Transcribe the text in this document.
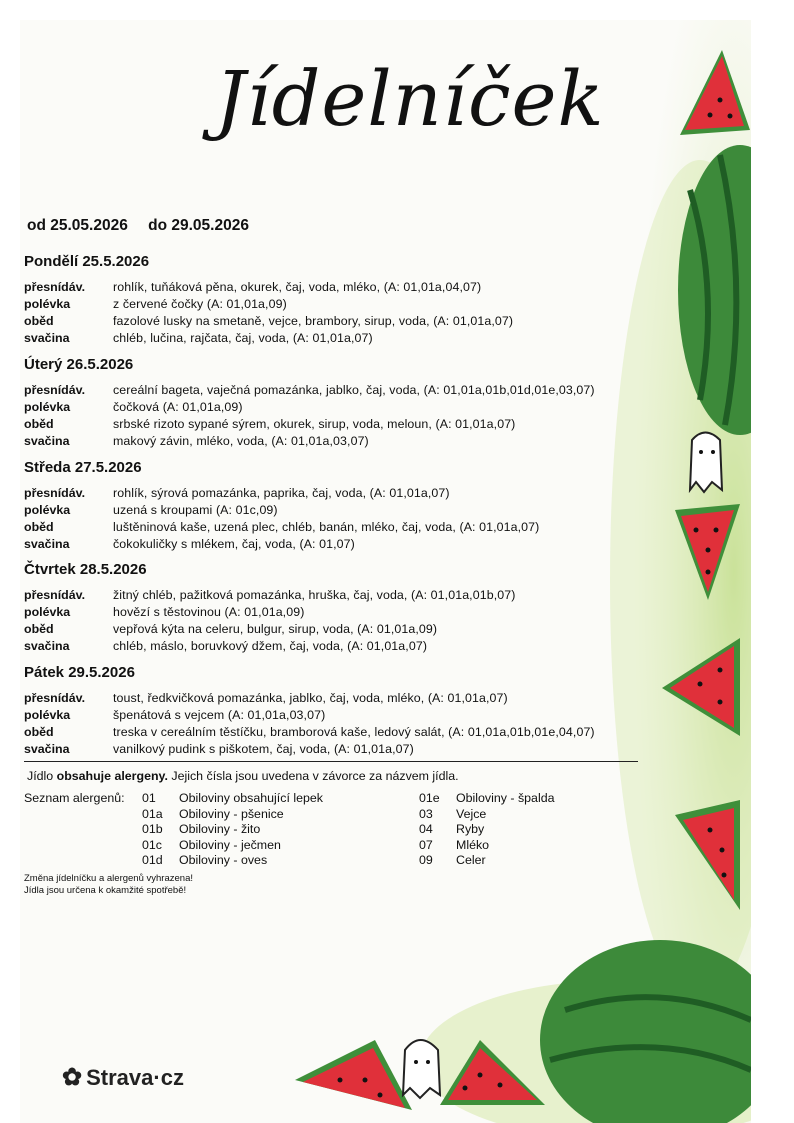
Jídelníček
od 25.05.2026 do 29.05.2026
Pondělí 25.5.2026
přesnídáv. rohlík, tuňáková pěna, okurek, čaj, voda, mléko, (A: 01,01a,04,07)
polévka	z červené čočky (A: 01,01a,09)
oběd	fazolové lusky na smetaně, vejce, brambory, sirup, voda, (A: 01,01a,07)
svačina	chléb, lučina, rajčata, čaj, voda, (A: 01,01a,07)
Úterý 26.5.2026
přesnídáv. cereální bageta, vaječná pomazánka, jablko, čaj, voda, (A: 01,01a,01b,01d,01e,03,07)
polévka	čočková (A: 01,01a,09)
oběd	srbské rizoto sypané sýrem, okurek, sirup, voda, meloun, (A: 01,01a,07)
svačina	makový závin, mléko, voda, (A: 01,01a,03,07)
Středa 27.5.2026
přesnídáv. rohlík, sýrová pomazánka, paprika, čaj, voda, (A: 01,01a,07)
polévka	uzená s kroupami (A: 01c,09)
oběd	luštěninová kaše, uzená plec, chléb, banán, mléko, čaj, voda, (A: 01,01a,07)
svačina	čokokuličky s mlékem, čaj, voda, (A: 01,07)
Čtvrtek 28.5.2026
přesnídáv. žitný chléb, pažitková pomazánka, hruška, čaj, voda, (A: 01,01a,01b,07)
polévka	hovězí s těstovinou (A: 01,01a,09)
oběd	vepřová kýta na celeru, bulgur, sirup, voda, (A: 01,01a,09)
svačina	chléb, máslo, boruvkový džem, čaj, voda, (A: 01,01a,07)
Pátek 29.5.2026
přesnídáv. toust, ředkvičková pomazánka, jablko, čaj, voda, mléko, (A: 01,01a,07)
polévka	špenátová s vejcem (A: 01,01a,03,07)
oběd	treska v cereálním těstíčku, bramborová kaše, ledový salát, (A: 01,01a,01b,01e,04,07)
svačina	vanilkový pudink s piškotem, čaj, voda, (A: 01,01a,07)
Jídlo obsahuje alergeny. Jejich čísla jsou uvedena v závorce za názvem jídla.
Seznam alergenů: 01 Obiloviny obsahující lepek
01a Obiloviny - pšenice
01b Obiloviny - žito
01c Obiloviny - ječmen
01d Obiloviny - oves
01e Obiloviny - špalda
03 Vejce
04 Ryby
07 Mléko
09 Celer
Změna jídelníčku a alergenů vyhrazena!
Jídla jsou určena k okamžité spotřebě!
✿ Strava·cz
